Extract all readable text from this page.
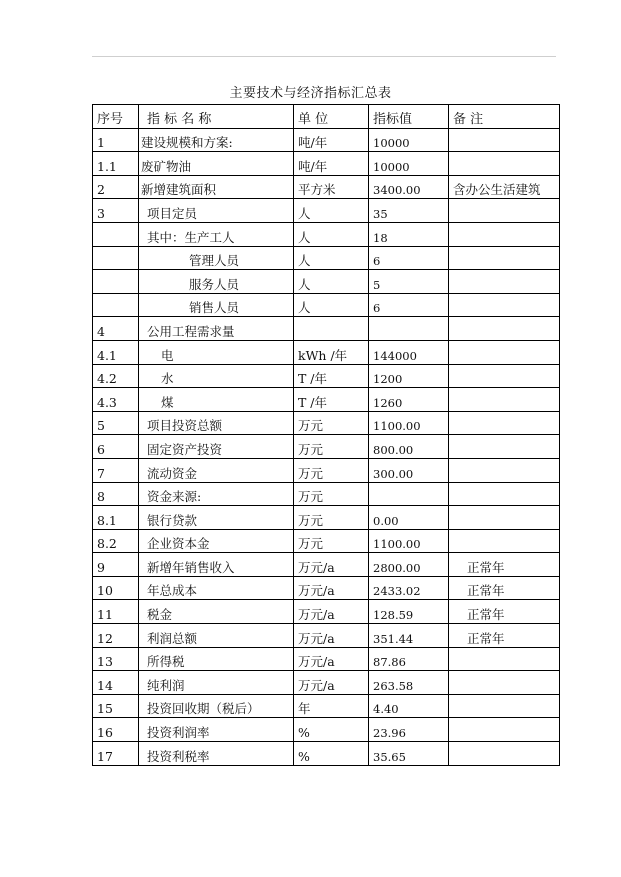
主要技术与经济指标汇总表
序号	指 标 名 称	单 位	指标值	备 注
1	建设规模和方案:	吨/年	10000	
1.1	废矿物油	吨/年	10000	
2	新增建筑面积	平方米	3400.00	含办公生活建筑
3	项目定员	人	35	
	其中：生产工人	人	18	
	管理人员	人	6	
	服务人员	人	5	
	销售人员	人	6	
4	公用工程需求量			
4.1	电	kWh /年	144000	
4.2	水	T /年	1200	
4.3	煤	T /年	1260	
5	项目投资总额	万元	1100.00	
6	固定资产投资	万元	800.00	
7	流动资金	万元	300.00	
8	资金来源:	万元		
8.1	银行贷款	万元	0.00	
8.2	企业资本金	万元	1100.00	
9	新增年销售收入	万元/a	2800.00	正常年
10	年总成本	万元/a	2433.02	正常年
11	税金	万元/a	128.59	正常年
12	利润总额	万元/a	351.44	正常年
13	所得税	万元/a	87.86	
14	纯利润	万元/a	263.58	
15	投资回收期（税后）	年	4.40	
16	投资利润率	%	23.96	
17	投资利税率	%	35.65	
